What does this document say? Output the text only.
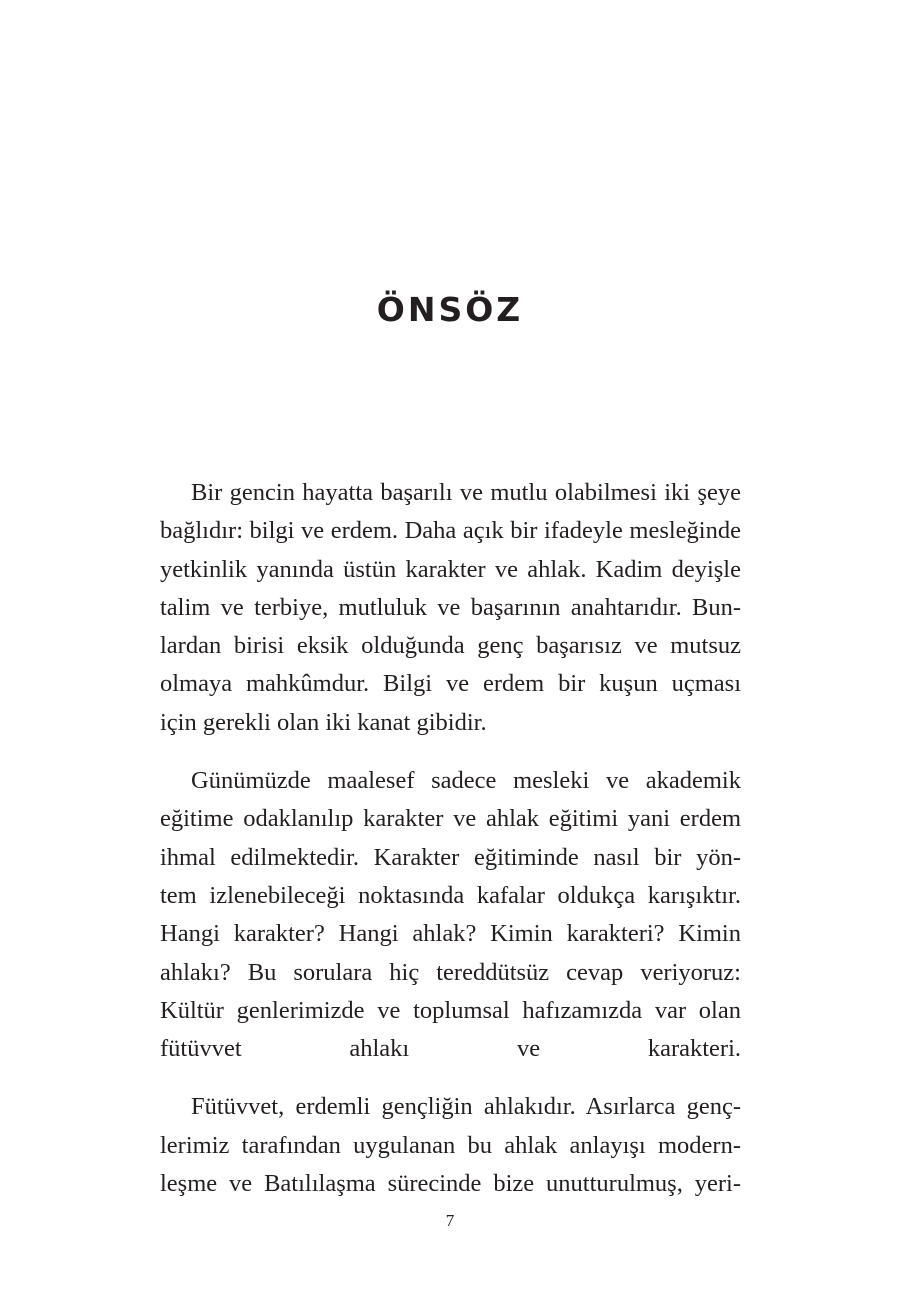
ÖNSÖZ

Bir gencin hayatta başarılı ve mutlu olabilmesi iki şeye
bağlıdır: bilgi ve erdem. Daha açık bir ifadeyle mesleğinde
yetkinlik yanında üstün karakter ve ahlak. Kadim deyişle
talim ve terbiye, mutluluk ve başarının anahtarıdır. Bun-
lardan birisi eksik olduğunda genç başarısız ve mutsuz
olmaya mahkûmdur. Bilgi ve erdem bir kuşun uçması
için gerekli olan iki kanat gibidir.

Günümüzde maalesef sadece mesleki ve akademik
eğitime odaklanılıp karakter ve ahlak eğitimi yani erdem
ihmal edilmektedir. Karakter eğitiminde nasıl bir yön-
tem izlenebileceği noktasında kafalar oldukça karışıktır.
Hangi karakter? Hangi ahlak? Kimin karakteri? Kimin
ahlakı? Bu sorulara hiç tereddütsüz cevap veriyoruz:
Kültür genlerimizde ve toplumsal hafızamızda var olan
fütüvvet ahlakı ve karakteri.

Fütüvvet, erdemli gençliğin ahlakıdır. Asırlarca genç-
lerimiz tarafından uygulanan bu ahlak anlayışı modern-
leşme ve Batılılaşma sürecinde bize unutturulmuş, yeri-

7
